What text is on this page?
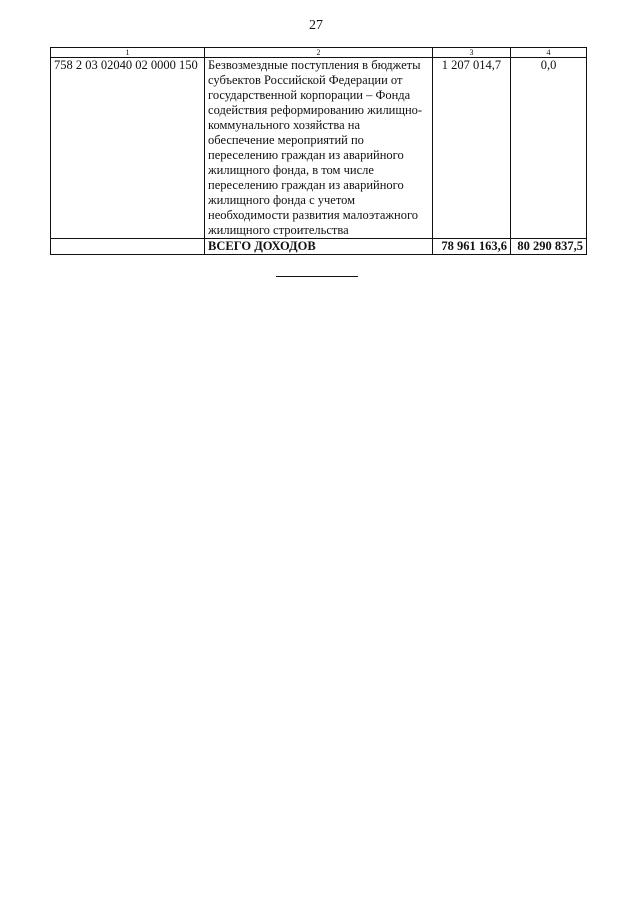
27
1	2	3	4
758 2 03 02040 02 0000 150	Безвозмездные поступления в бюджеты субъектов Российской Федерации от государственной корпорации – Фонда содействия реформированию жилищно-коммунального хозяйства на обеспечение мероприятий по переселению граждан из аварийного жилищного фонда, в том числе переселению граждан из аварийного жилищного фонда с учетом необходимости развития малоэтажного жилищного строительства	1 207 014,7	0,0
	ВСЕГО ДОХОДОВ	78 961 163,6	80 290 837,5
